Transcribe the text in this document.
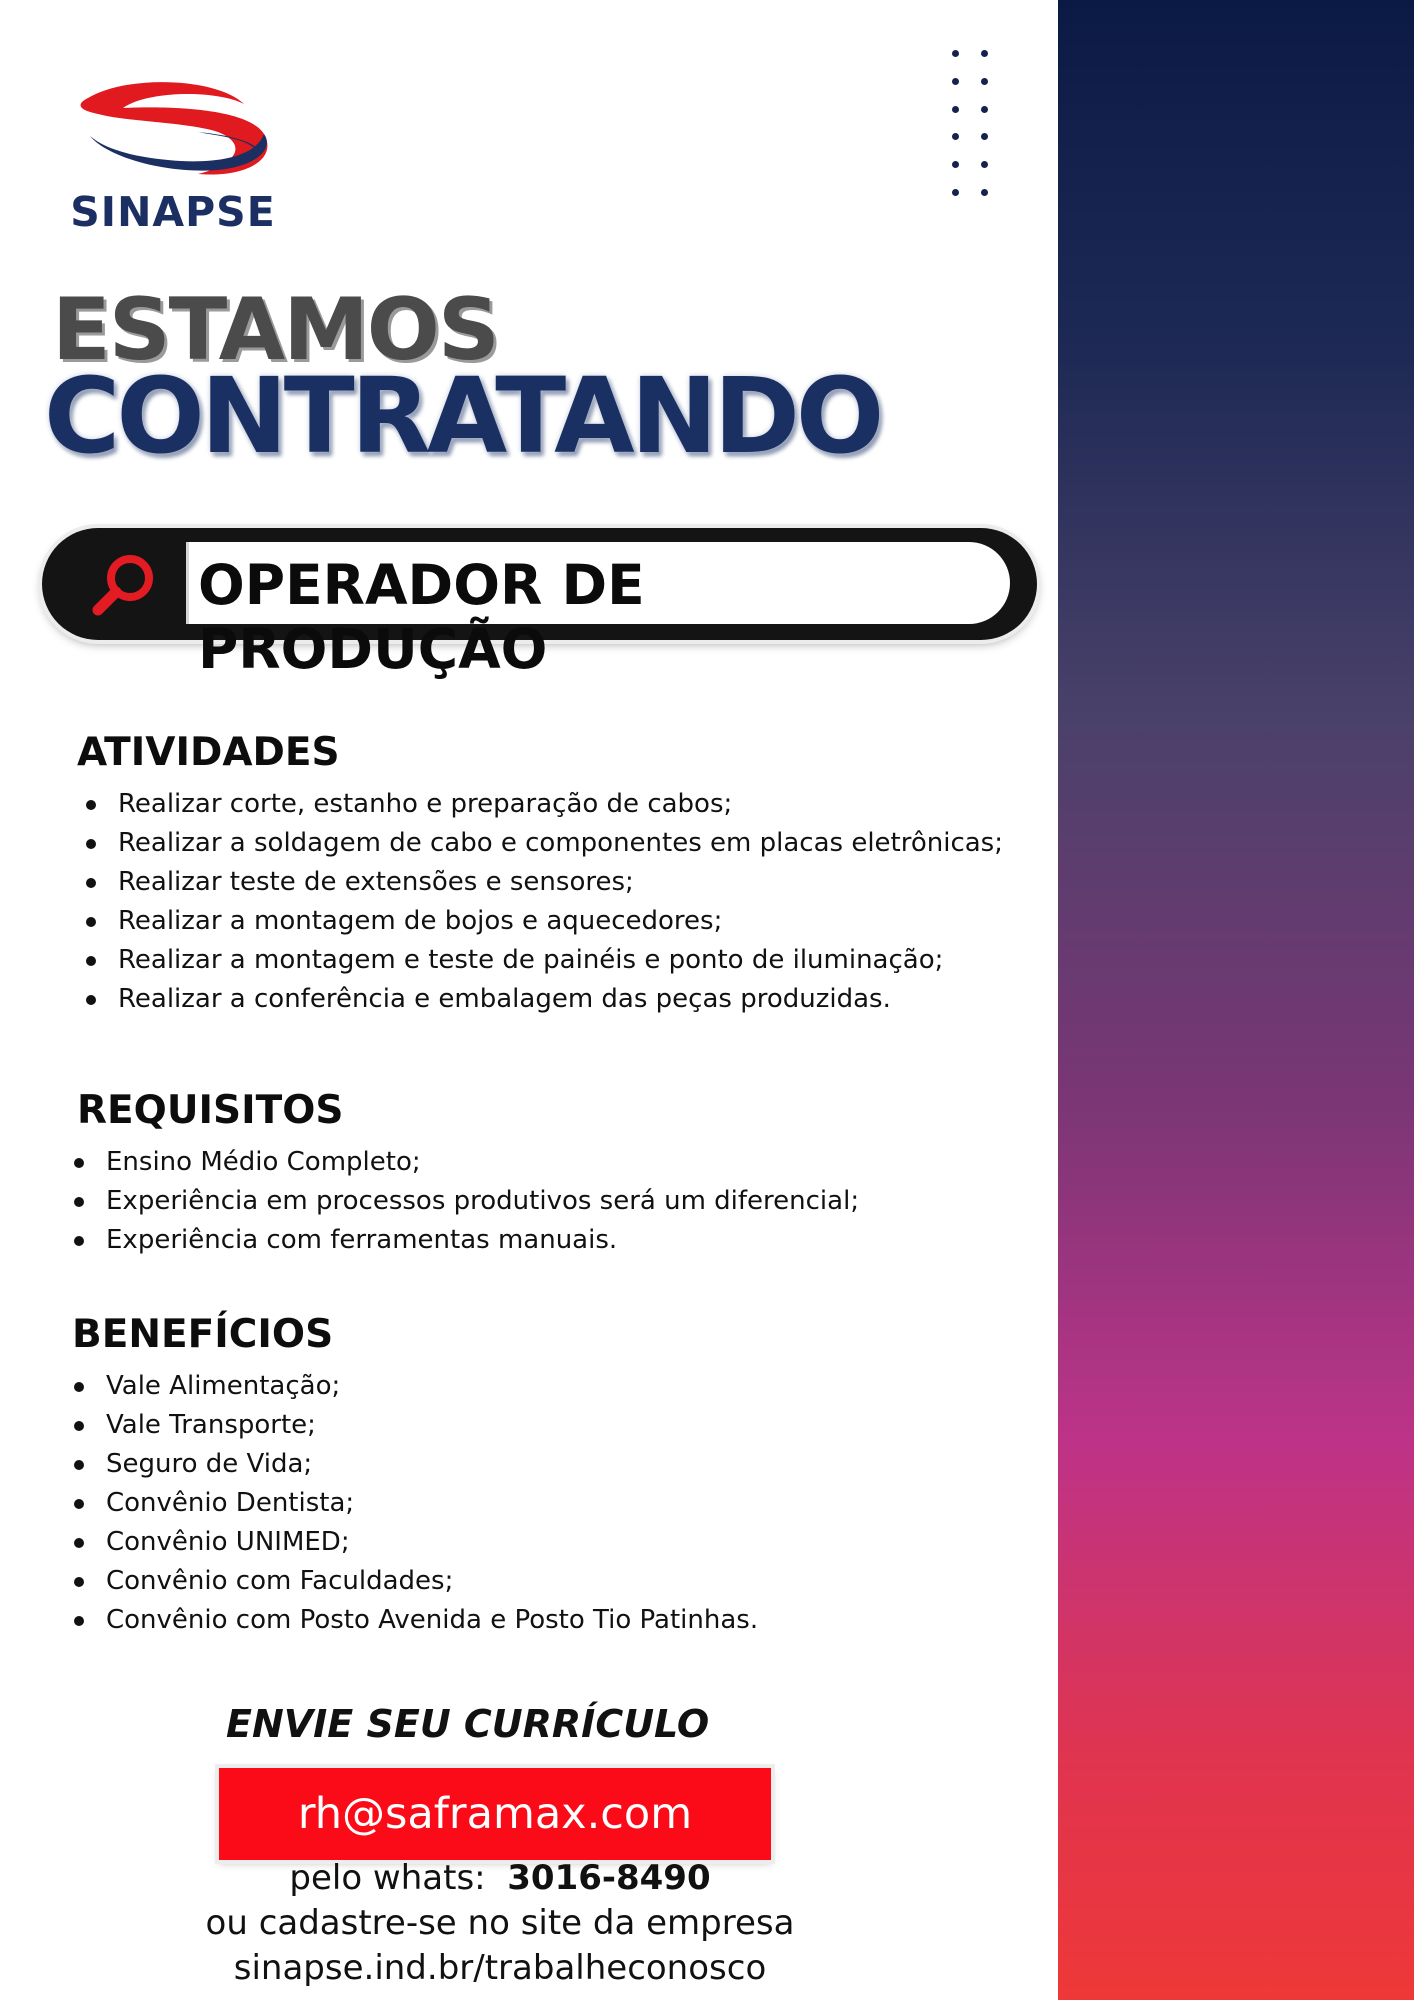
SINAPSE
ESTAMOS
CONTRATANDO
OPERADOR DE PRODUÇÃO
ATIVIDADES
Realizar corte, estanho e preparação de cabos;
Realizar a soldagem de cabo e componentes em placas eletrônicas;
Realizar teste de extensões e sensores;
Realizar a montagem de bojos e aquecedores;
Realizar a montagem e teste de painéis e ponto de iluminação;
Realizar a conferência e embalagem das peças produzidas.
REQUISITOS
Ensino Médio Completo;
Experiência em processos produtivos será um diferencial;
Experiência com ferramentas manuais.
BENEFÍCIOS
Vale Alimentação;
Vale Transporte;
Seguro de Vida;
Convênio Dentista;
Convênio UNIMED;
Convênio com Faculdades;
Convênio com Posto Avenida e Posto Tio Patinhas.
ENVIE SEU CURRÍCULO
rh@saframax.com
pelo whats: 3016-8490
ou cadastre-se no site da empresa
sinapse.ind.br/trabalheconosco
